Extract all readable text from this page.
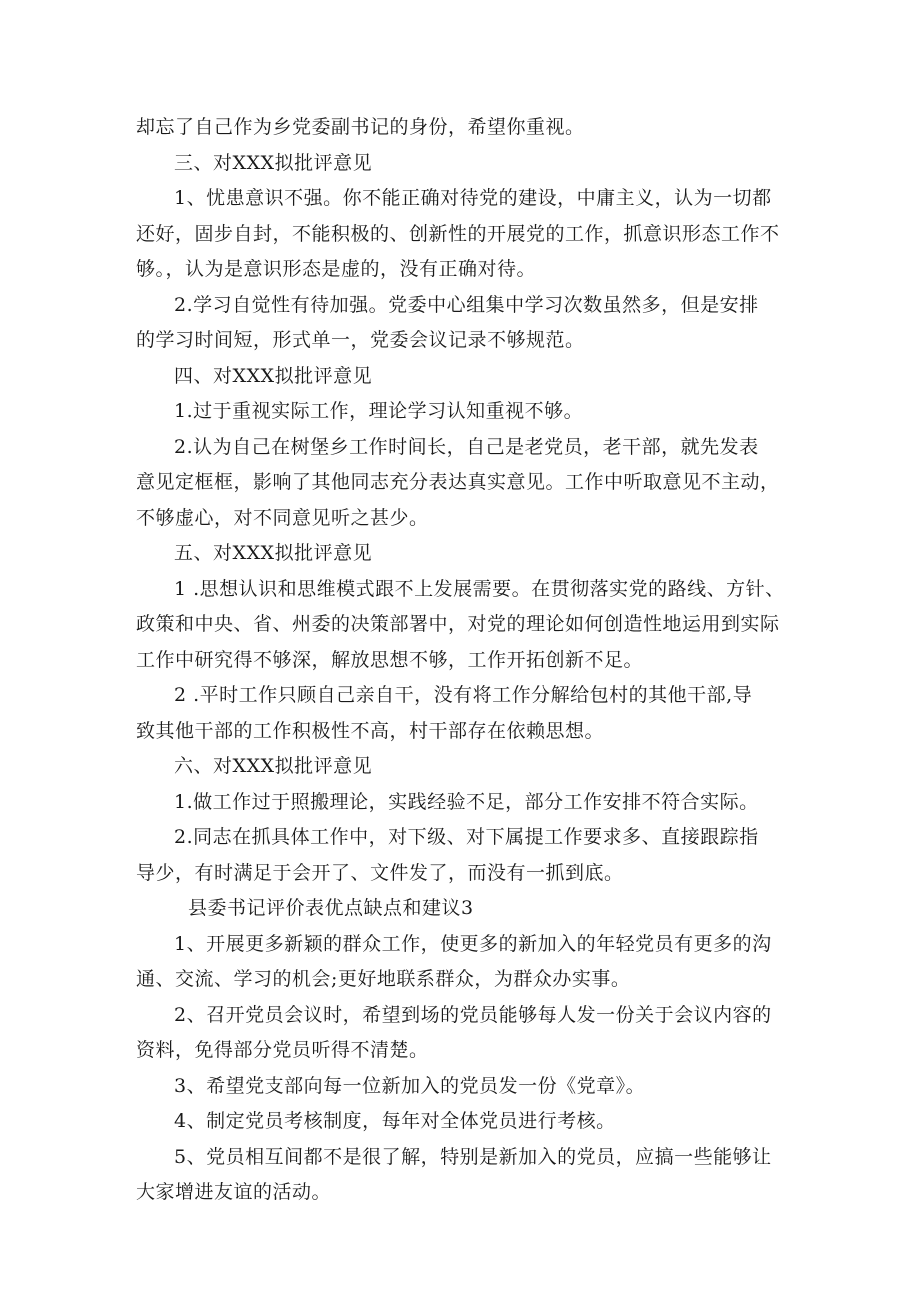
却忘了自己作为乡党委副书记的身份，希望你重视。
三、对XXX拟批评意见
1、忧患意识不强。你不能正确对待党的建设，中庸主义，认为一切都
还好，固步自封，不能积极的、创新性的开展党的工作，抓意识形态工作不
够。，认为是意识形态是虚的，没有正确对待。
2.学习自觉性有待加强。党委中心组集中学习次数虽然多，但是安排
的学习时间短，形式单一，党委会议记录不够规范。
四、对XXX拟批评意见
1.过于重视实际工作，理论学习认知重视不够。
2.认为自己在树堡乡工作时间长，自己是老党员，老干部，就先发表
意见定框框，影响了其他同志充分表达真实意见。工作中听取意见不主动，
不够虚心，对不同意见听之甚少。
五、对XXX拟批评意见
1 .思想认识和思维模式跟不上发展需要。在贯彻落实党的路线、方针、
政策和中央、省、州委的决策部署中，对党的理论如何创造性地运用到实际
工作中研究得不够深，解放思想不够，工作开拓创新不足。
2 .平时工作只顾自己亲自干，没有将工作分解给包村的其他干部,导
致其他干部的工作积极性不高，村干部存在依赖思想。
六、对XXX拟批评意见
1.做工作过于照搬理论，实践经验不足，部分工作安排不符合实际。
2.同志在抓具体工作中，对下级、对下属提工作要求多、直接跟踪指
导少，有时满足于会开了、文件发了，而没有一抓到底。
县委书记评价表优点缺点和建议3
1、开展更多新颖的群众工作，使更多的新加入的年轻党员有更多的沟
通、交流、学习的机会;更好地联系群众，为群众办实事。
2、召开党员会议时，希望到场的党员能够每人发一份关于会议内容的
资料，免得部分党员听得不清楚。
3、希望党支部向每一位新加入的党员发一份《党章》。
4、制定党员考核制度，每年对全体党员进行考核。
5、党员相互间都不是很了解，特别是新加入的党员，应搞一些能够让
大家增进友谊的活动。
